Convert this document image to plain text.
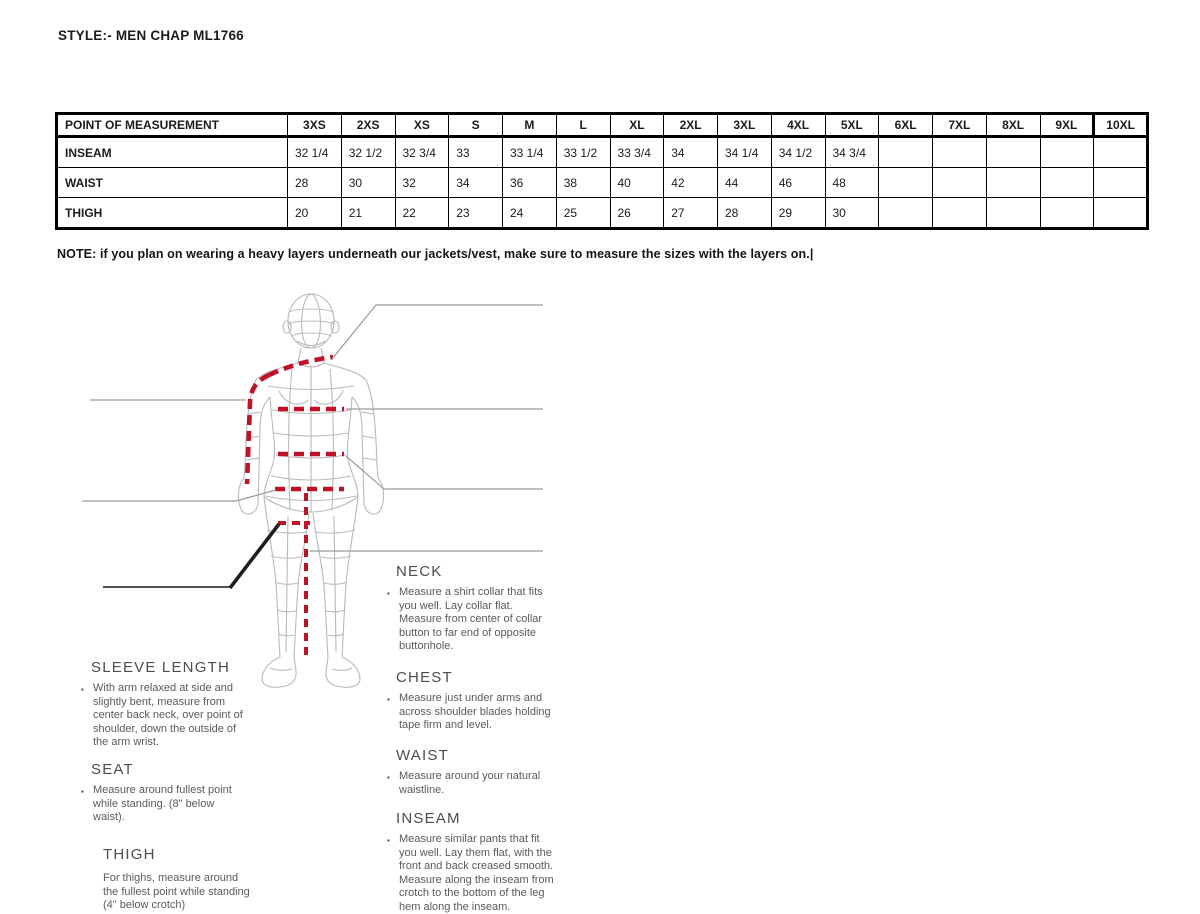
STYLE:- MEN CHAP ML1766
POINT OF MEASUREMENT	3XS	2XS	XS	S	M	L	XL	2XL	3XL	4XL	5XL	6XL	7XL	8XL	9XL	10XL
INSEAM	32 1/4	32 1/2	32 3/4	33	33 1/4	33 1/2	33 3/4	34	34 1/4	34 1/2	34 3/4					
WAIST	28	30	32	34	36	38	40	42	44	46	48					
THIGH	20	21	22	23	24	25	26	27	28	29	30					
NOTE: if you plan on wearing a heavy layers underneath our jackets/vest, make sure to measure the sizes with the layers on.|
NECK
▪ Measure a shirt collar that fits you well. Lay collar flat. Measure from center of collar button to far end of opposite buttonhole.
SLEEVE LENGTH
▪ With arm relaxed at side and slightly bent, measure from center back neck, over point of shoulder, down the outside of the arm wrist.
CHEST
▪ Measure just under arms and across shoulder blades holding tape firm and level.
WAIST
▪ Measure around your natural waistline.
SEAT
▪ Measure around fullest point while standing. (8" below waist).	INSEAM
▪ Measure similar pants that fit you well. Lay them flat, with the front and back creased smooth. Measure along the inseam from crotch to the bottom of the leg hem along the inseam.
THIGH
For thighs, measure around the fullest point while standing (4" below crotch)
